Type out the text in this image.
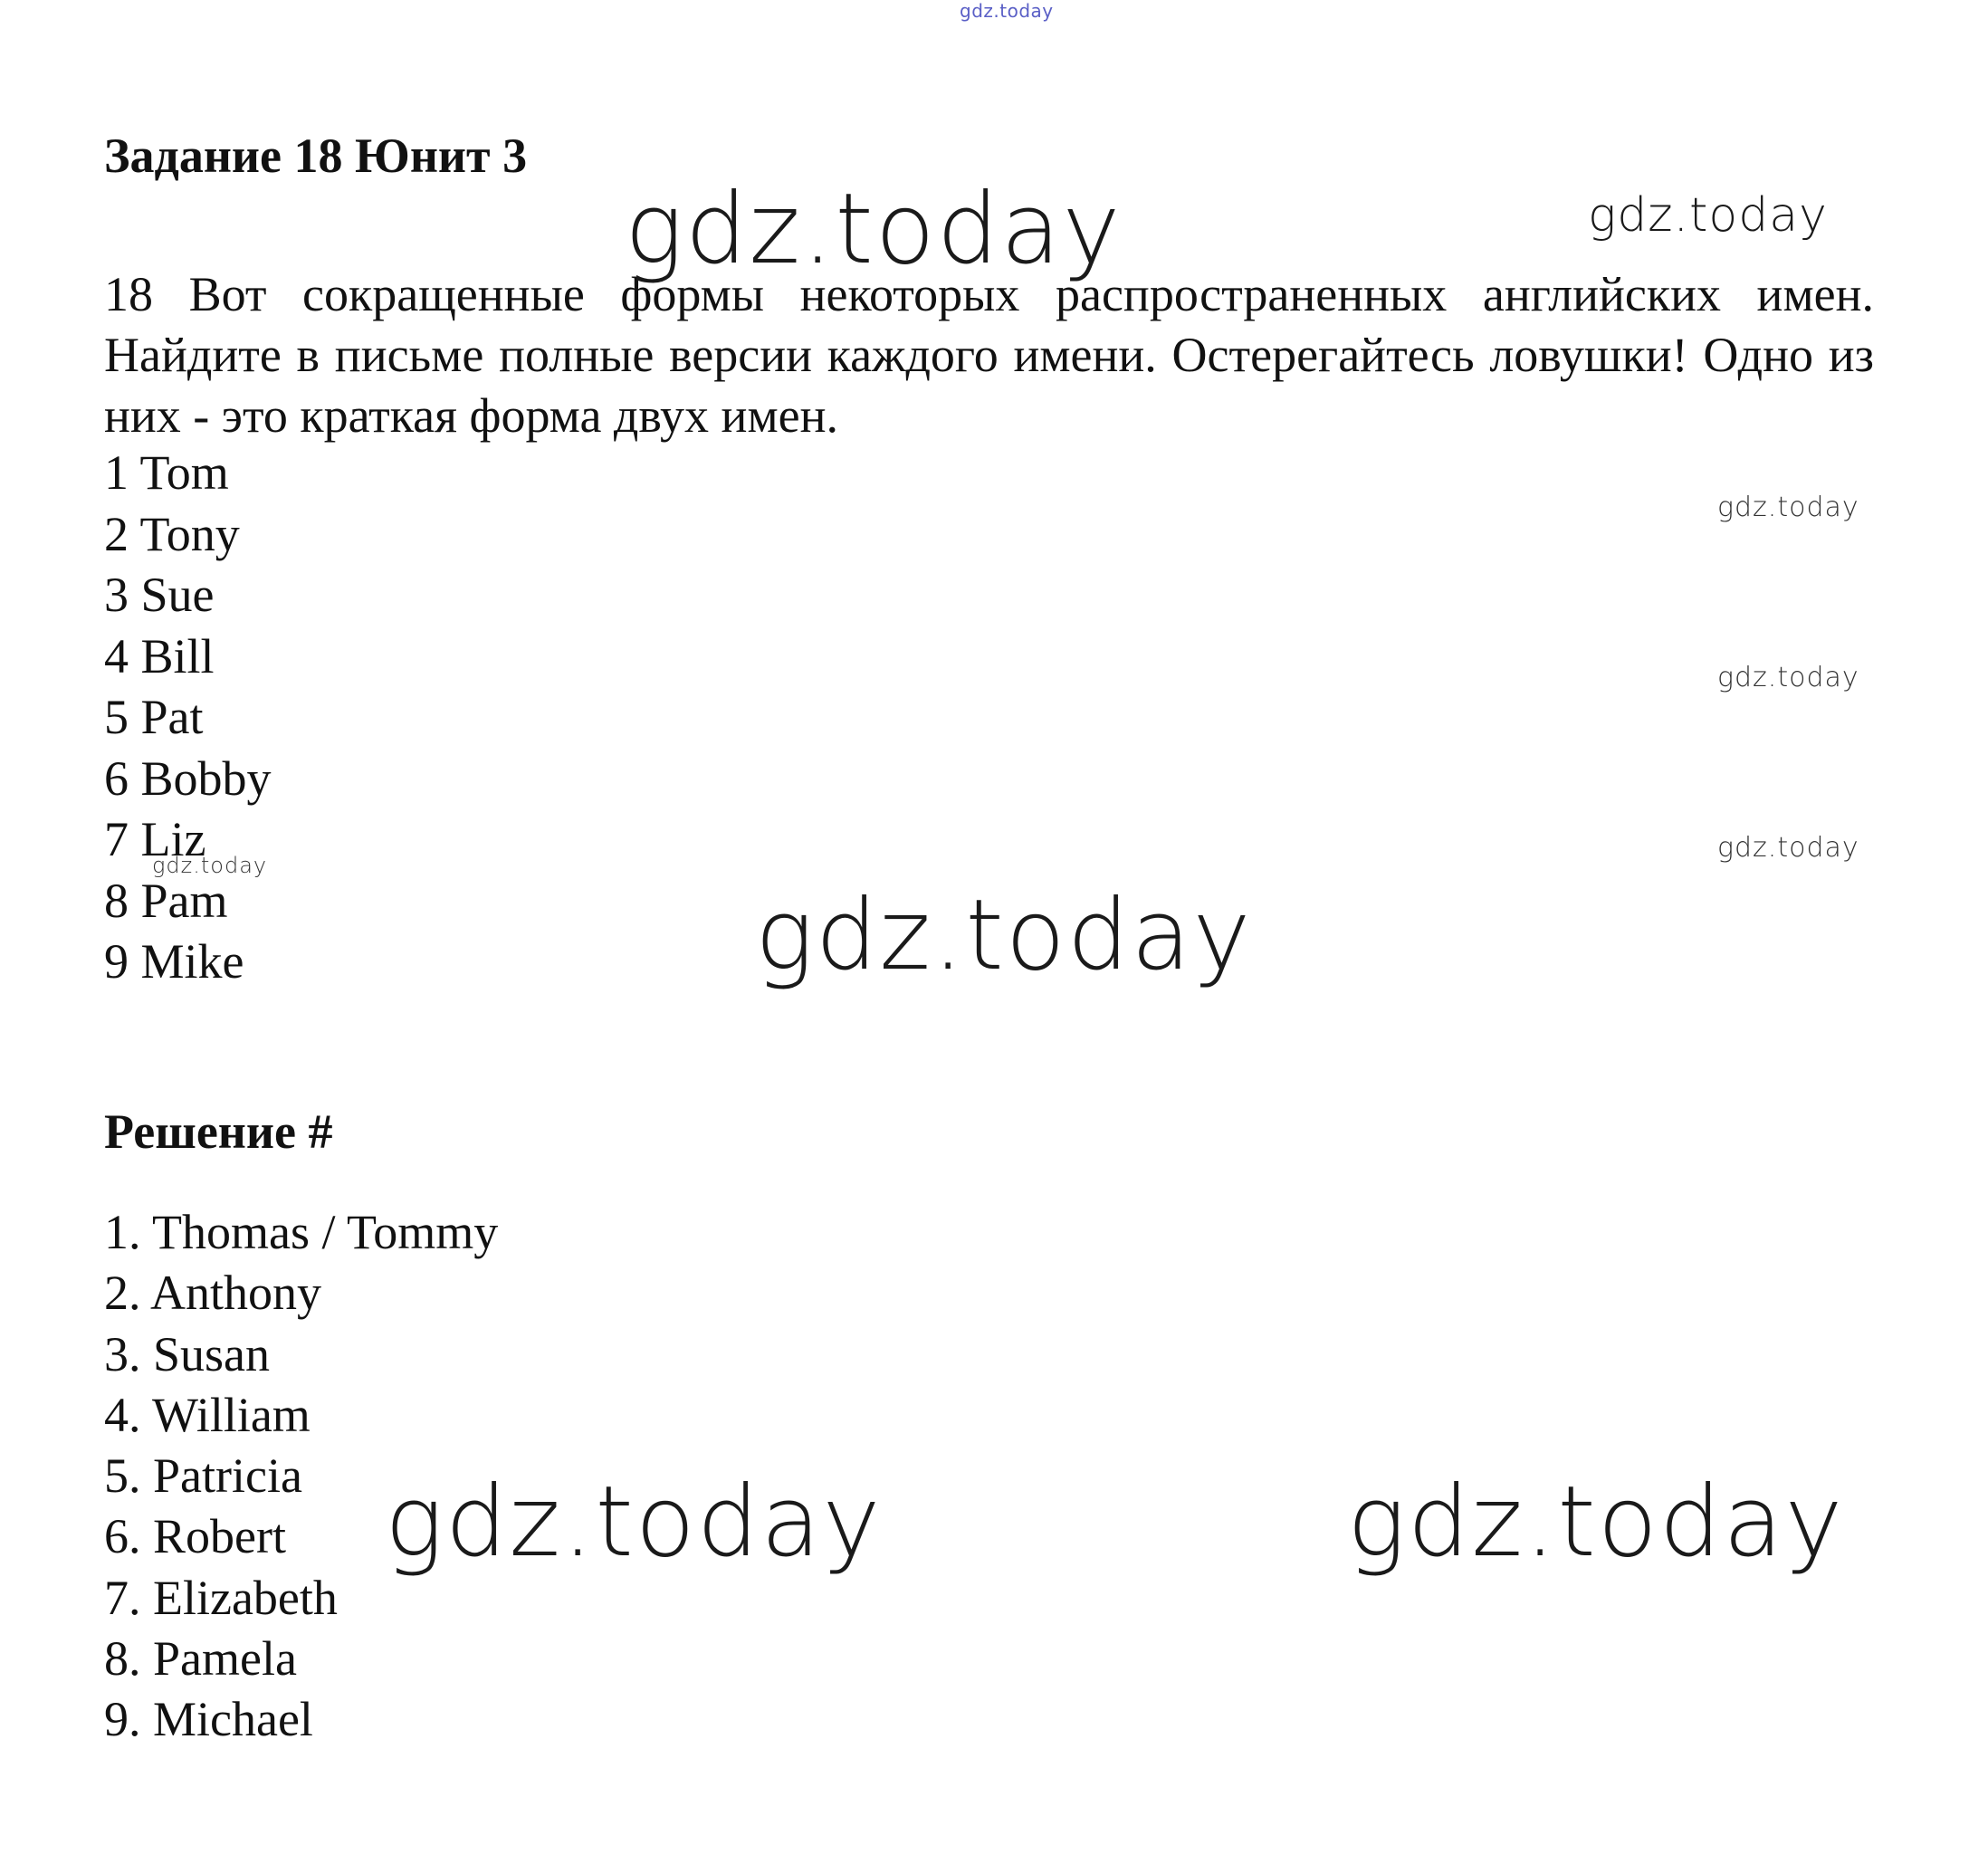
gdz.today
Задание 18 Юнит 3

18 Вот сокращенные формы некоторых распространенных английских имен. Найдите в письме полные версии каждого имени. Остерегайтесь ловушки! Одно из них - это краткая форма двух имен.

1 Tom
2 Tony
3 Sue
4 Bill
5 Pat
6 Bobby
7 Liz
8 Pam
9 Mike
Решение #
1. Thomas / Tommy
2. Anthony
3. Susan
4. William
5. Patricia
6. Robert
7. Elizabeth
8. Pamela
9. Michael
gdz.today	gdz.today
gdz.today
gdz.today
gdz.today
gdz.today
gdz.today
gdz.today	gdz.today
